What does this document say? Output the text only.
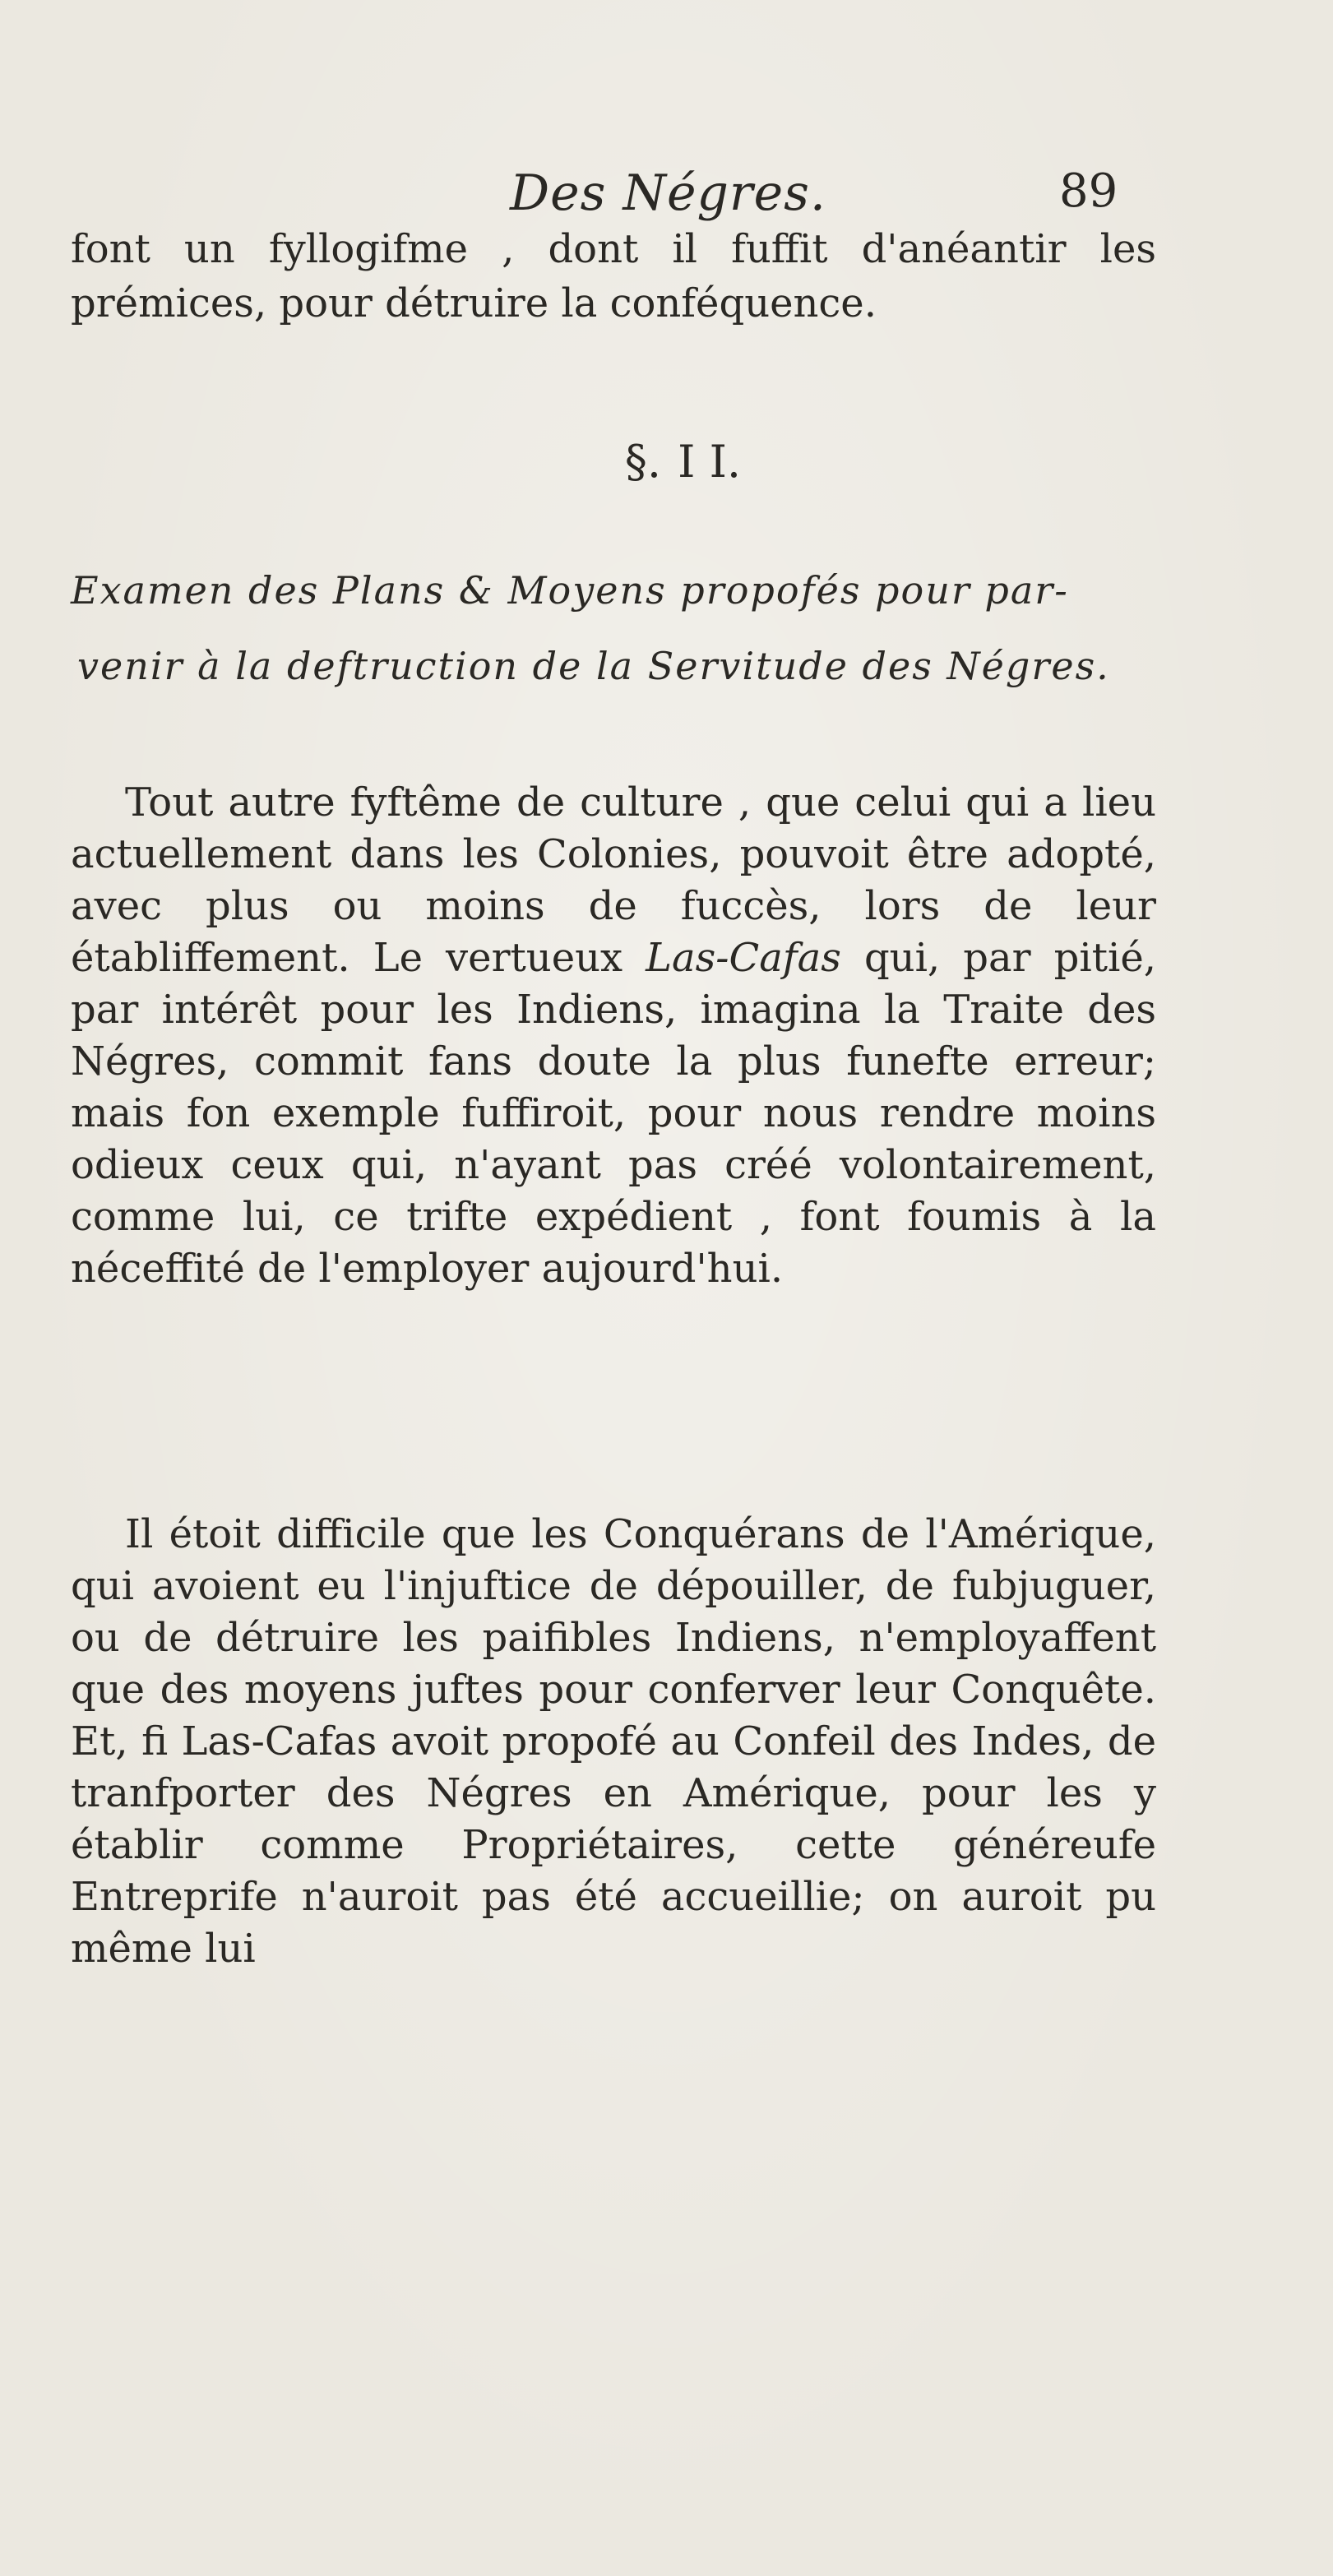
Des Négres.	89

font un fyllogifme , dont il fuffit d'anéantir les prémices, pour détruire la conféquence.

§. I I.
Examen des Plans & Moyens propofés pour par-
venir à la deftruction de la Servitude des Négres.

Tout autre fyftême de culture , que celui qui a lieu actuellement dans les Colonies, pouvoit être adopté, avec plus ou moins de fuccès, lors de leur établiffement. Le vertueux Las-Cafas qui, par pitié, par intérêt pour les Indiens, imagina la Traite des Négres, commit fans doute la plus funefte erreur; mais fon exemple fuffiroit, pour nous rendre moins odieux ceux qui, n'ayant pas créé volontairement, comme lui, ce trifte expédient , font foumis à la néceffité de l'employer aujourd'hui.

Il étoit difficile que les Conquérans de l'Amérique, qui avoient eu l'injuftice de dépouiller, de fubjuguer, ou de détruire les paifibles Indiens, n'employaffent que des moyens juftes pour conferver leur Conquête. Et, fi Las-Cafas avoit propofé au Confeil des Indes, de tranfporter des Négres en Amérique, pour les y établir comme Propriétaires, cette généreufe Entreprife n'auroit pas été accueillie; on auroit pu même lui
